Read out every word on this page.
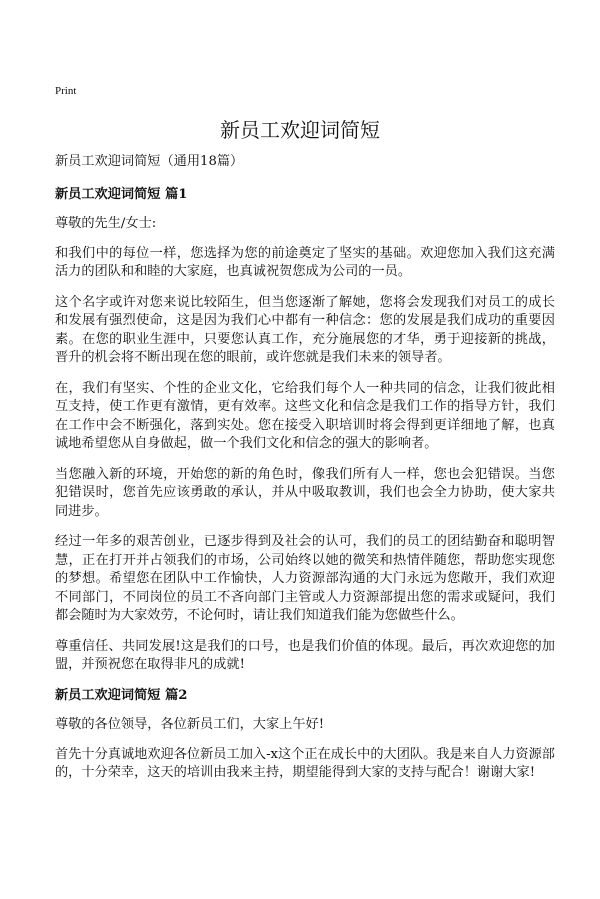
Print
新员工欢迎词简短

新员工欢迎词简短（通用18篇）

新员工欢迎词简短 篇1

尊敬的先生/女士:

和我们中的每位一样，您选择为您的前途奠定了坚实的基础。欢迎您加入我们这充满活力的团队和和睦的大家庭，也真诚祝贺您成为公司的一员。

这个名字或许对您来说比较陌生，但当您逐渐了解她，您将会发现我们对员工的成长和发展有强烈使命，这是因为我们心中都有一种信念：您的发展是我们成功的重要因素。在您的职业生涯中，只要您认真工作，充分施展您的才华，勇于迎接新的挑战，晋升的机会将不断出现在您的眼前，或许您就是我们未来的领导者。

在，我们有坚实、个性的企业文化，它给我们每个人一种共同的信念，让我们彼此相互支持，使工作更有激情，更有效率。这些文化和信念是我们工作的指导方针，我们在工作中会不断强化，落到实处。您在接受入职培训时将会得到更详细地了解，也真诚地希望您从自身做起，做一个我们文化和信念的强大的影响者。

当您融入新的环境，开始您的新的角色时，像我们所有人一样，您也会犯错误。当您犯错误时，您首先应该勇敢的承认，并从中吸取教训，我们也会全力协助，使大家共同进步。

经过一年多的艰苦创业，已逐步得到及社会的认可，我们的员工的团结勤奋和聪明智慧，正在打开并占领我们的市场，公司始终以她的微笑和热情伴随您，帮助您实现您的梦想。希望您在团队中工作愉快，人力资源部沟通的大门永远为您敞开，我们欢迎不同部门，不同岗位的员工不吝向部门主管或人力资源部提出您的需求或疑问，我们都会随时为大家效劳，不论何时，请让我们知道我们能为您做些什么。

尊重信任、共同发展!这是我们的口号，也是我们价值的体现。最后，再次欢迎您的加盟，并预祝您在取得非凡的成就!

新员工欢迎词简短 篇2

尊敬的各位领导，各位新员工们，大家上午好!

首先十分真诚地欢迎各位新员工加入-x这个正在成长中的大团队。我是来自人力资源部的，十分荣幸，这天的培训由我来主持，期望能得到大家的支持与配合！谢谢大家!
